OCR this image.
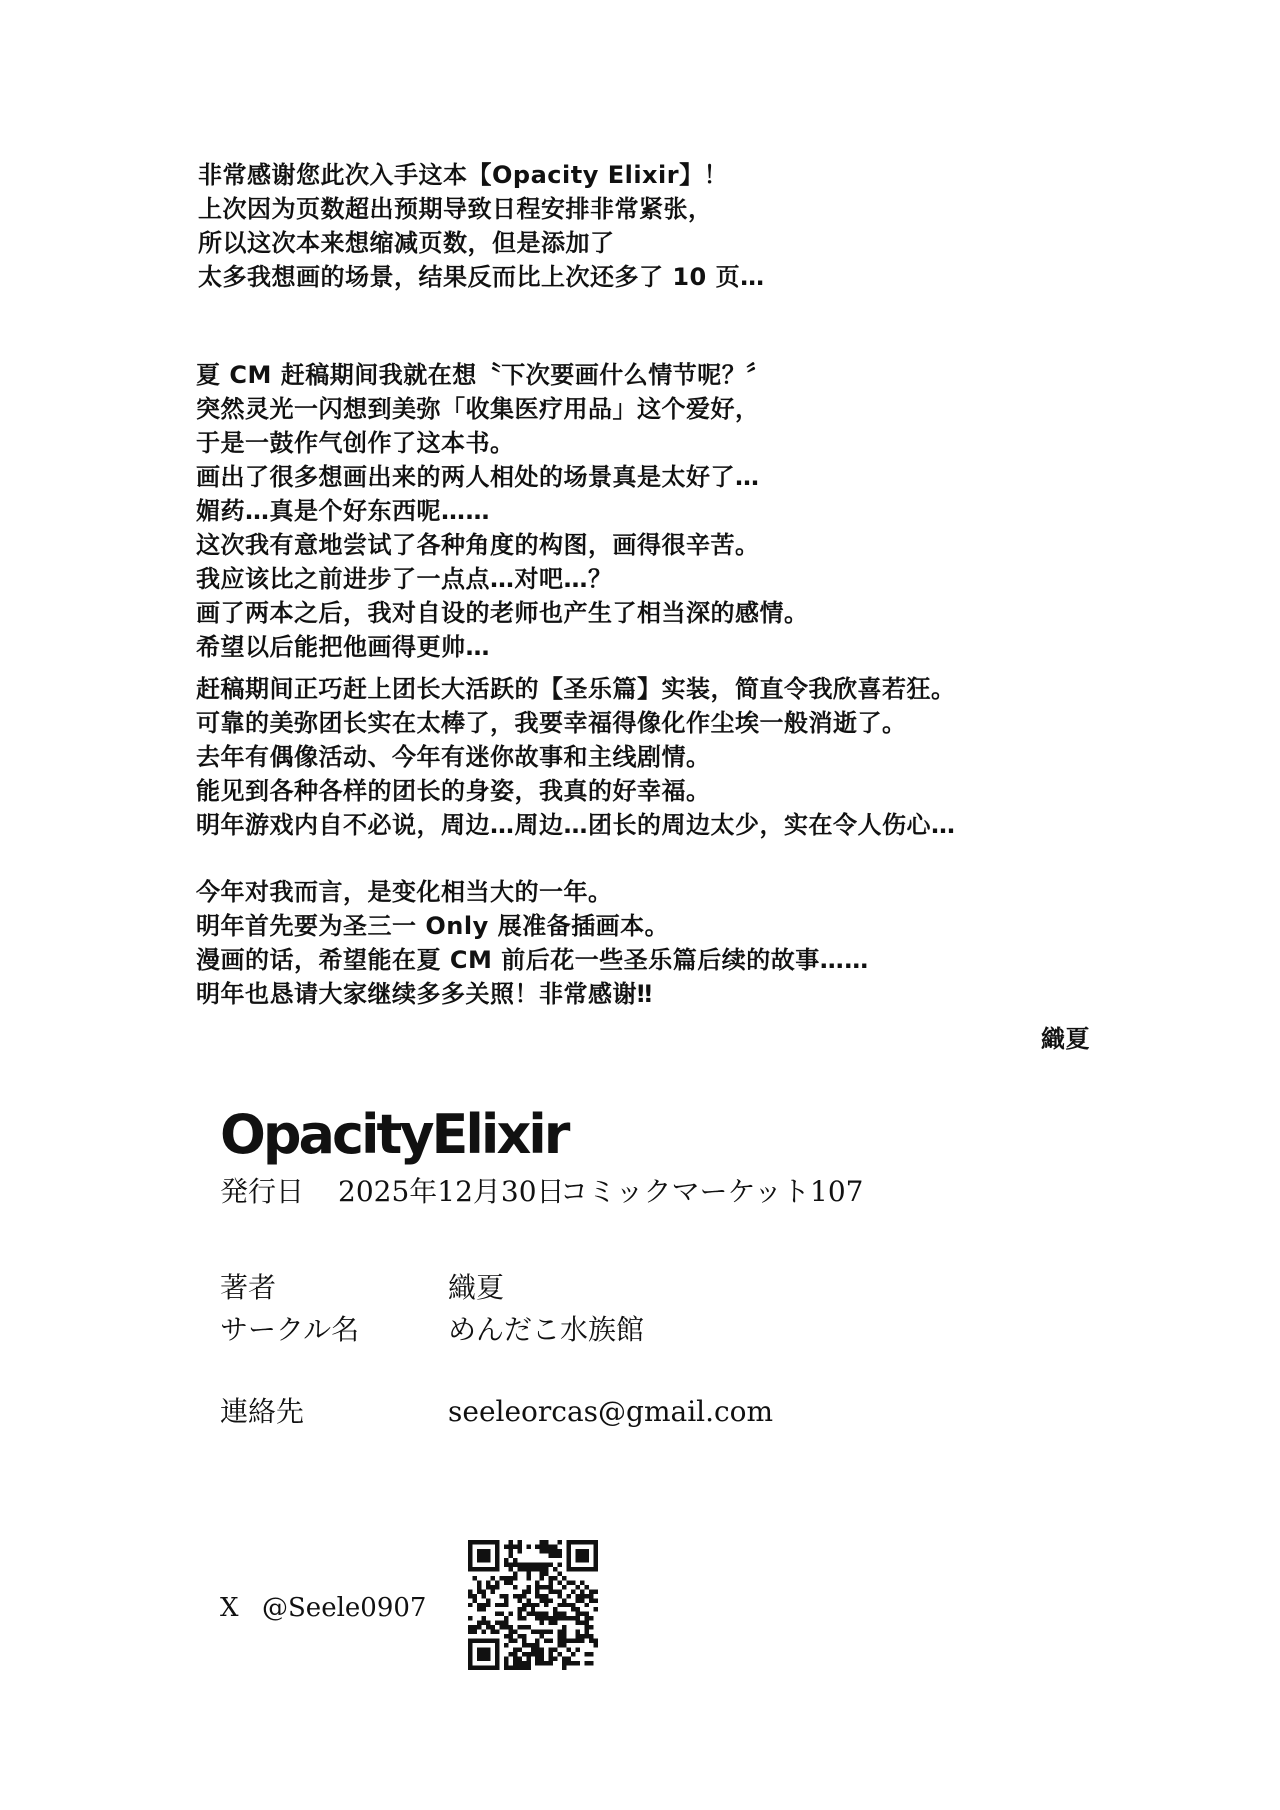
非常感谢您此次入手这本【Opacity Elixir】！
上次因为页数超出预期导致日程安排非常紧张，
所以这次本来想缩减页数，但是添加了
太多我想画的场景，结果反而比上次还多了 10 页…

夏 CM 赶稿期间我就在想〝下次要画什么情节呢？〞
突然灵光一闪想到美弥「收集医疗用品」这个爱好，
于是一鼓作气创作了这本书。
画出了很多想画出来的两人相处的场景真是太好了…
媚药…真是个好东西呢……
这次我有意地尝试了各种角度的构图，画得很辛苦。
我应该比之前进步了一点点…对吧…？
画了两本之后，我对自设的老师也产生了相当深的感情。
希望以后能把他画得更帅…

赶稿期间正巧赶上团长大活跃的【圣乐篇】实装，简直令我欣喜若狂。
可靠的美弥团长实在太棒了，我要幸福得像化作尘埃一般消逝了。
去年有偶像活动、今年有迷你故事和主线剧情。
能见到各种各样的团长的身姿，我真的好幸福。
明年游戏内自不必说，周边…周边…团长的周边太少，实在令人伤心…

今年对我而言，是变化相当大的一年。
明年首先要为圣三一 Only 展准备插画本。
漫画的话，希望能在夏 CM 前后花一些圣乐篇后续的故事……
明年也恳请大家继续多多关照！非常感谢‼

織夏
OpacityElixir
発行日 2025年12月30日コミックマーケット107
著者	織夏
サークル名	めんだこ水族館
連絡先	seeleorcas@gmail.com
X @Seele0907
